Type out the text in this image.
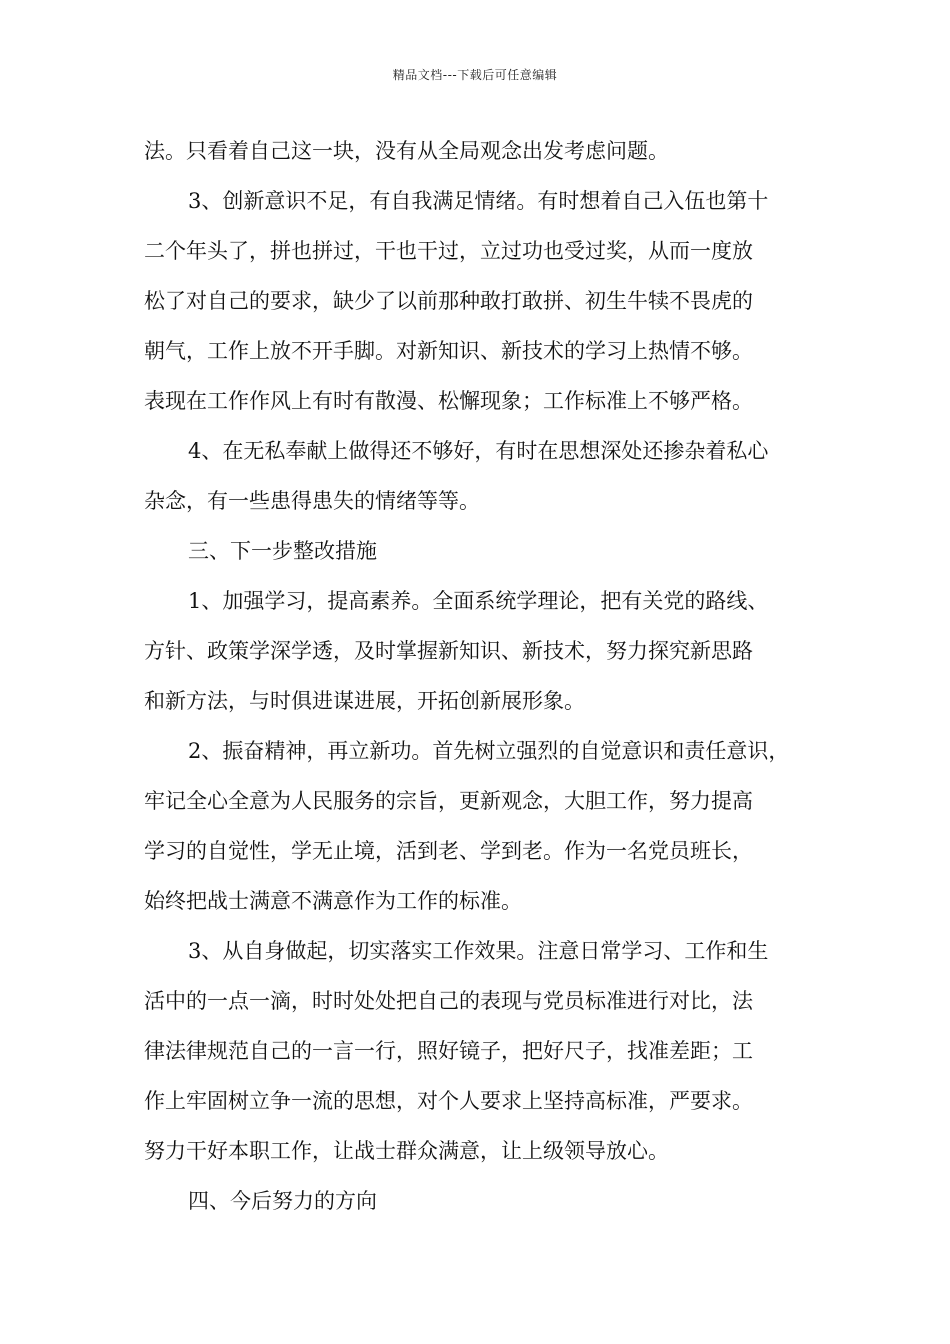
精品文档---下载后可任意编辑
法。只看着自己这一块，没有从全局观念出发考虑问题。
3、创新意识不足，有自我满足情绪。有时想着自己入伍也第十
二个年头了，拼也拼过，干也干过，立过功也受过奖，从而一度放
松了对自己的要求，缺少了以前那种敢打敢拼、初生牛犊不畏虎的
朝气，工作上放不开手脚。对新知识、新技术的学习上热情不够。
表现在工作作风上有时有散漫、松懈现象；工作标准上不够严格。
4、在无私奉献上做得还不够好，有时在思想深处还掺杂着私心
杂念，有一些患得患失的情绪等等。
三、下一步整改措施
1、加强学习，提高素养。全面系统学理论，把有关党的路线、
方针、政策学深学透，及时掌握新知识、新技术，努力探究新思路
和新方法，与时俱进谋进展，开拓创新展形象。
2、振奋精神，再立新功。首先树立强烈的自觉意识和责任意识，
牢记全心全意为人民服务的宗旨，更新观念，大胆工作，努力提高
学习的自觉性，学无止境，活到老、学到老。作为一名党员班长，
始终把战士满意不满意作为工作的标准。
3、从自身做起，切实落实工作效果。注意日常学习、工作和生
活中的一点一滴，时时处处把自己的表现与党员标准进行对比，法
律法律规范自己的一言一行，照好镜子，把好尺子，找准差距；工
作上牢固树立争一流的思想，对个人要求上坚持高标准，严要求。
努力干好本职工作，让战士群众满意，让上级领导放心。
四、今后努力的方向
